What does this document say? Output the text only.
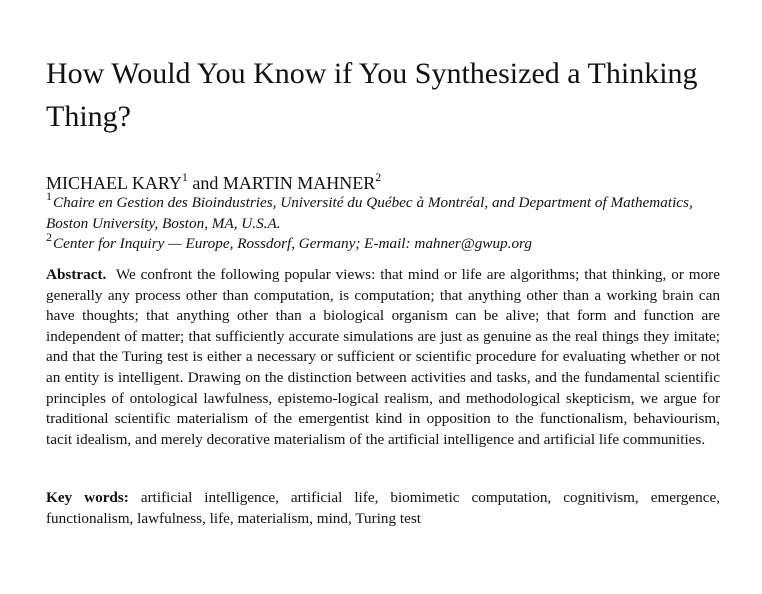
How Would You Know if You Synthesized a Thinking Thing?
MICHAEL KARY$^1$ and MARTIN MAHNER$^2$
$^1$Chaire en Gestion des Bioindustries, Université du Québec à Montréal, and Department of Mathematics, Boston University, Boston, MA, U.S.A.
$^2$Center for Inquiry — Europe, Rossdorf, Germany; E-mail: mahner@gwup.org

Abstract. We confront the following popular views: that mind or life are algorithms; that thinking, or more generally any process other than computation, is computation; that anything other than a working brain can have thoughts; that anything other than a biological organism can be alive; that form and function are independent of matter; that sufficiently accurate simulations are just as genuine as the real things they imitate; and that the Turing test is either a necessary or sufficient or scientific procedure for evaluating whether or not an entity is intelligent. Drawing on the distinction between activities and tasks, and the fundamental scientific principles of ontological lawfulness, epistemo-logical realism, and methodological skepticism, we argue for traditional scientific materialism of the emergentist kind in opposition to the functionalism, behaviourism, tacit idealism, and merely decorative materialism of the artificial intelligence and artificial life communities.

Key words: artificial intelligence, artificial life, biomimetic computation, cognitivism, emergence, functionalism, lawfulness, life, materialism, mind, Turing test
